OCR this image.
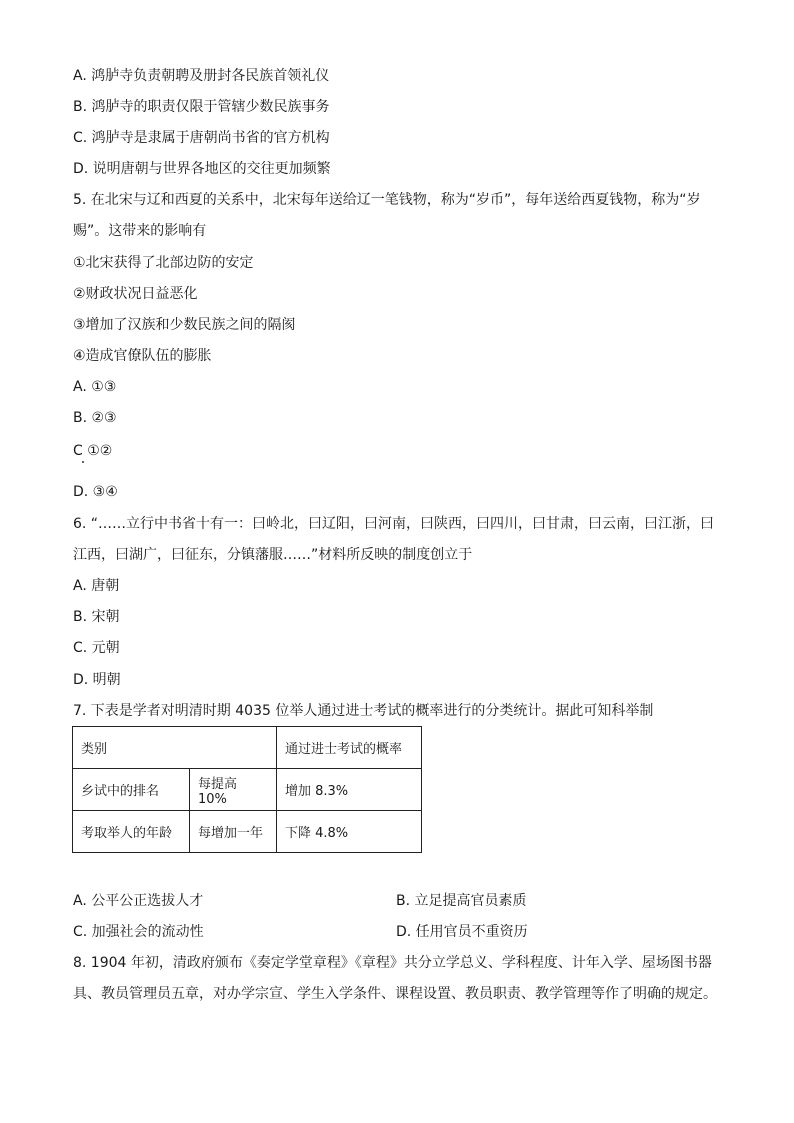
A. 鸿胪寺负责朝聘及册封各民族首领礼仪
B. 鸿胪寺的职责仅限于管辖少数民族事务
C. 鸿胪寺是隶属于唐朝尚书省的官方机构
D. 说明唐朝与世界各地区的交往更加频繁
5. 在北宋与辽和西夏的关系中，北宋每年送给辽一笔钱物，称为“岁币”，每年送给西夏钱物，称为“岁
赐”。这带来的影响有
①北宋获得了北部边防的安定
②财政状况日益恶化
③增加了汉族和少数民族之间的隔阂
④造成官僚队伍的膨胀
A. ①③
B. ②③
C ①②
D. ③④
6. “……立行中书省十有一：曰岭北，曰辽阳，曰河南，曰陕西，曰四川，曰甘肃，曰云南，曰江浙，曰
江西，曰湖广，曰征东，分镇藩服……”材料所反映的制度创立于
A. 唐朝
B. 宋朝
C. 元朝
D. 明朝
7. 下表是学者对明清时期 4035 位举人通过进士考试的概率进行的分类统计。据此可知科举制
类别		通过进士考试的概率
乡试中的排名	每提高 10%	增加 8.3%
考取举人的年龄	每增加一年	下降 4.8%
A. 公平公正选拔人才	B. 立足提高官员素质
C. 加强社会的流动性	D. 任用官员不重资历
8. 1904 年初，清政府颁布《奏定学堂章程》《章程》共分立学总义、学科程度、计年入学、屋场图书器
具、教员管理员五章，对办学宗宣、学生入学条件、课程设置、教员职责、教学管理等作了明确的规定。
